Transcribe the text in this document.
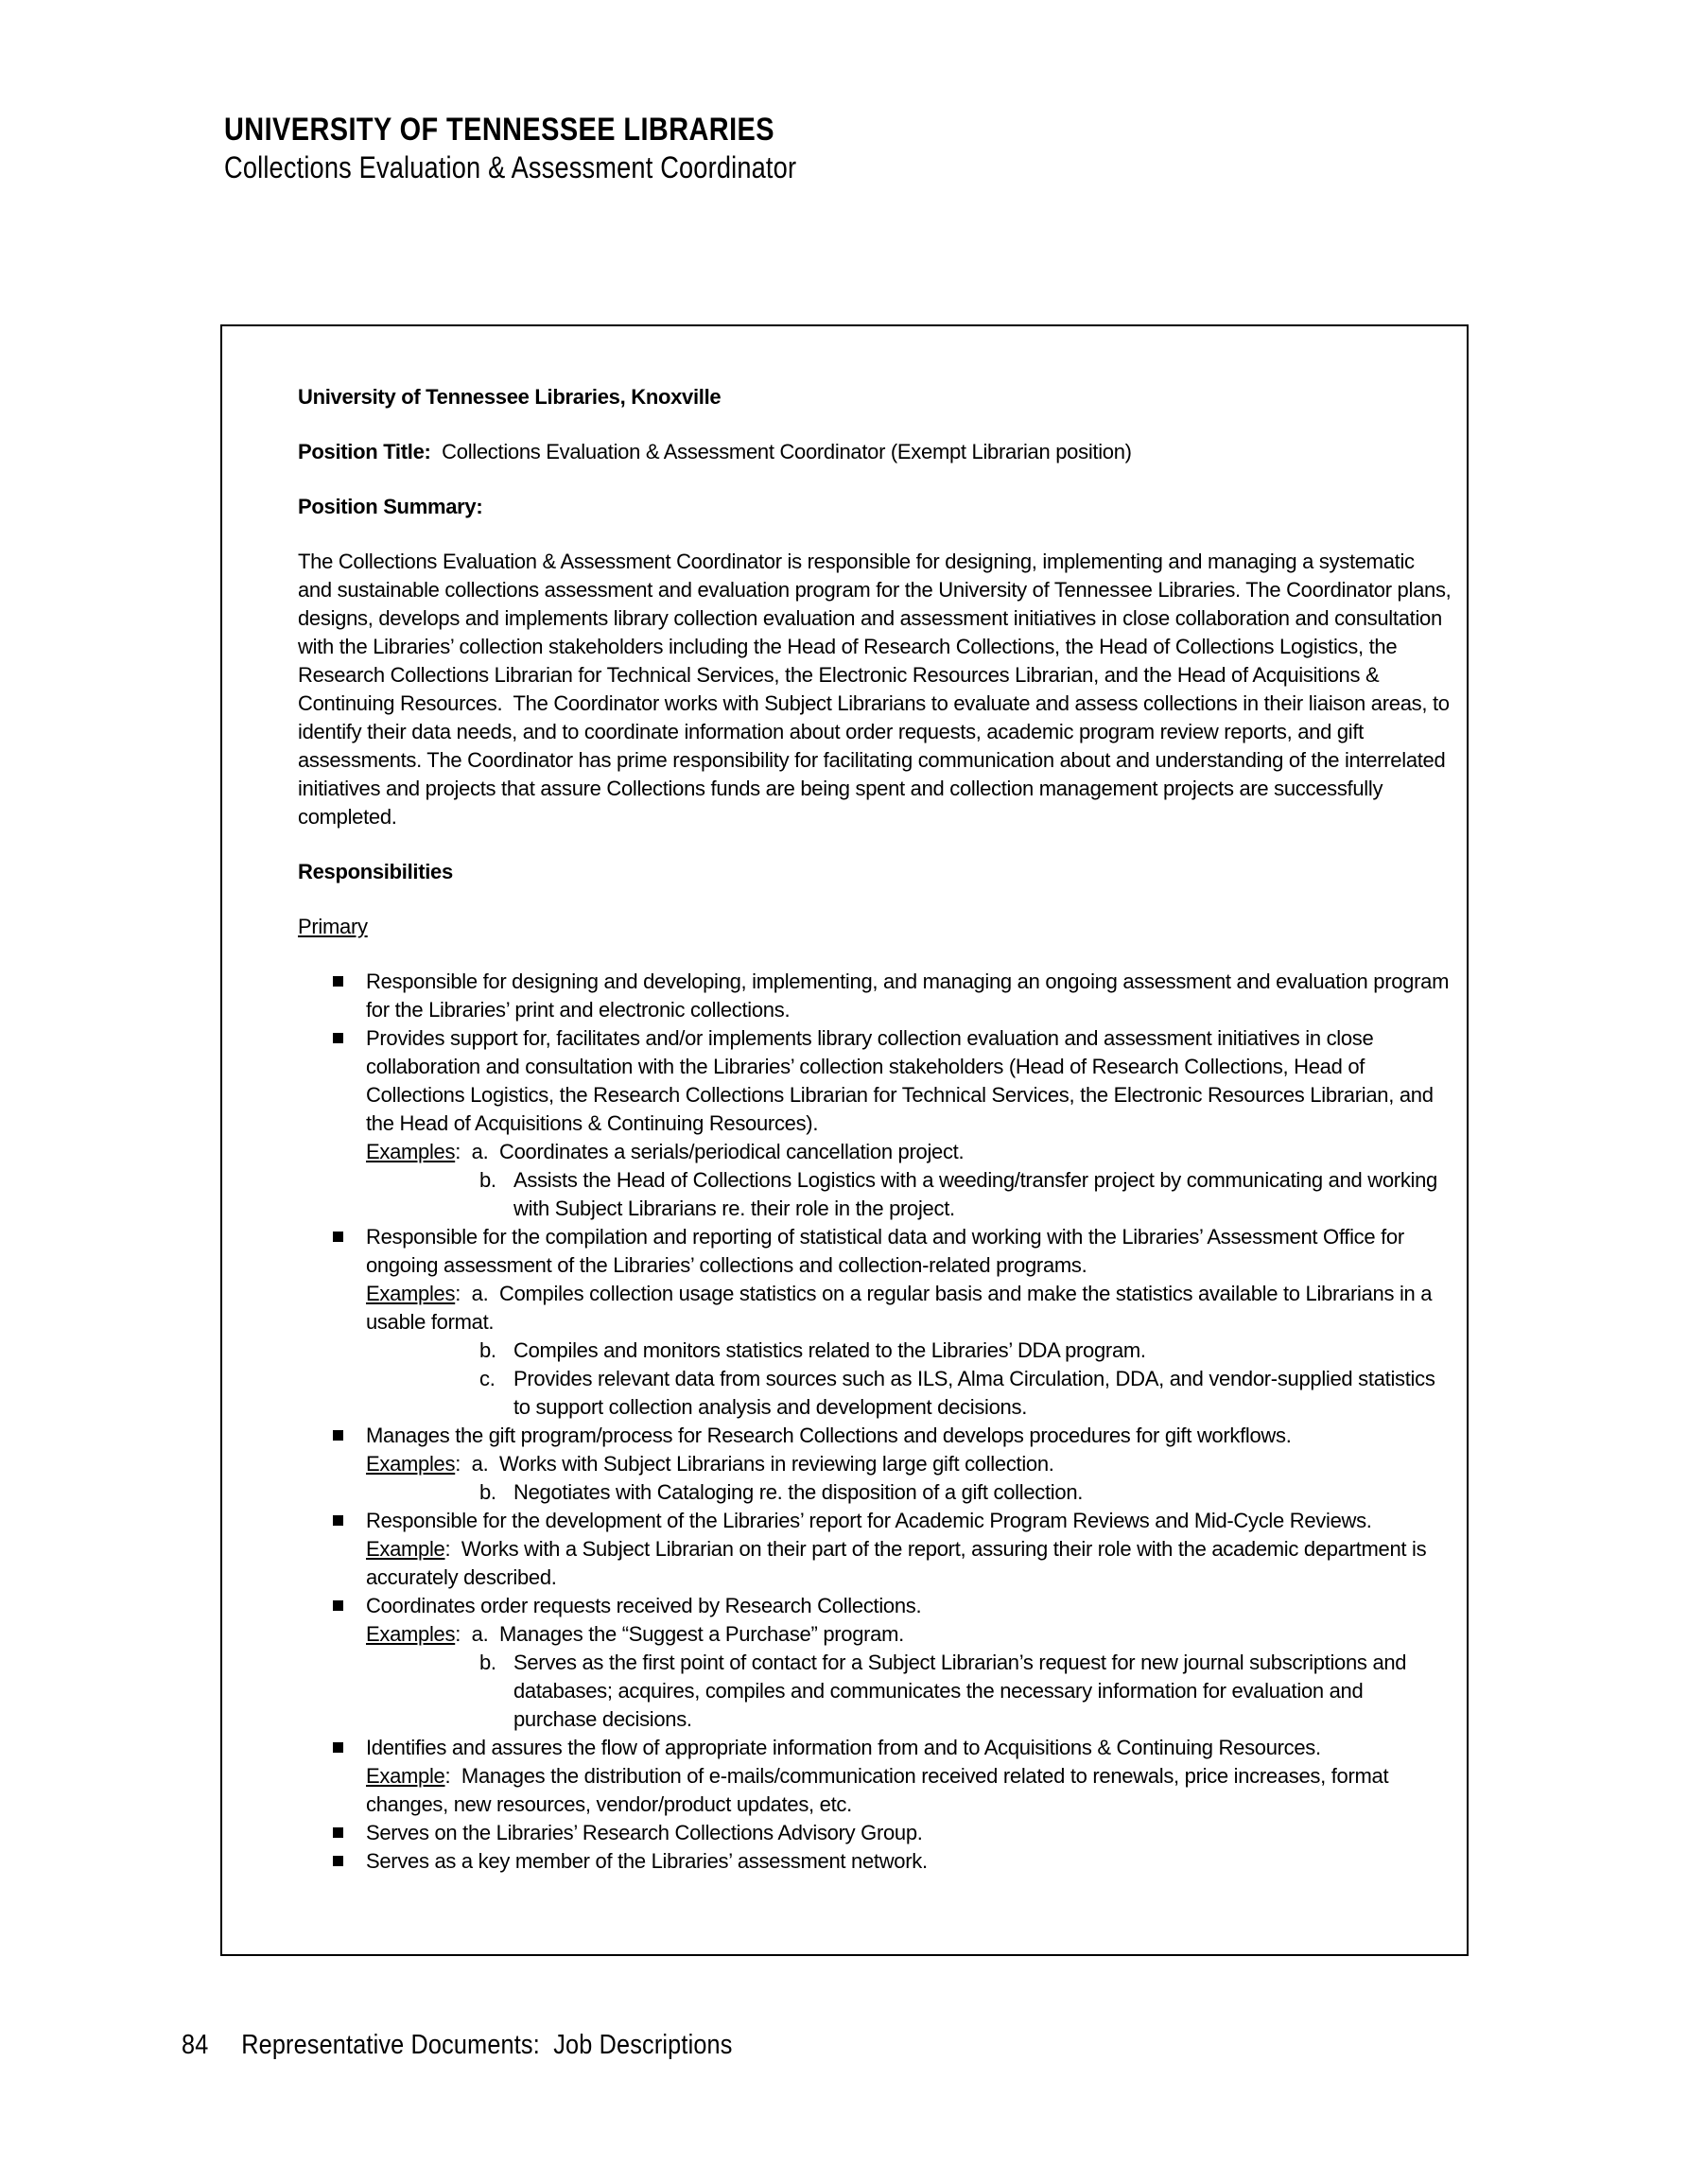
UNIVERSITY OF TENNESSEE LIBRARIES
Collections Evaluation & Assessment Coordinator
University of Tennessee Libraries, Knoxville
Position Title:  Collections Evaluation & Assessment Coordinator (Exempt Librarian position)
Position Summary:
The Collections Evaluation & Assessment Coordinator is responsible for designing, implementing and managing a systematic and sustainable collections assessment and evaluation program for the University of Tennessee Libraries. The Coordinator plans, designs, develops and implements library collection evaluation and assessment initiatives in close collaboration and consultation with the Libraries’ collection stakeholders including the Head of Research Collections, the Head of Collections Logistics, the Research Collections Librarian for Technical Services, the Electronic Resources Librarian, and the Head of Acquisitions & Continuing Resources.  The Coordinator works with Subject Librarians to evaluate and assess collections in their liaison areas, to identify their data needs, and to coordinate information about order requests, academic program review reports, and gift assessments. The Coordinator has prime responsibility for facilitating communication about and understanding of the interrelated initiatives and projects that assure Collections funds are being spent and collection management projects are successfully completed.
Responsibilities
Primary
Responsible for designing and developing, implementing, and managing an ongoing assessment and evaluation program for the Libraries’ print and electronic collections.
Provides support for, facilitates and/or implements library collection evaluation and assessment initiatives in close collaboration and consultation with the Libraries’ collection stakeholders (Head of Research Collections, Head of Collections Logistics, the Research Collections Librarian for Technical Services, the Electronic Resources Librarian, and the Head of Acquisitions & Continuing Resources).
Examples:  a.  Coordinates a serials/periodical cancellation project.
b. Assists the Head of Collections Logistics with a weeding/transfer project by communicating and working with Subject Librarians re. their role in the project.
Responsible for the compilation and reporting of statistical data and working with the Libraries’ Assessment Office for ongoing assessment of the Libraries’ collections and collection-related programs.
Examples:  a.  Compiles collection usage statistics on a regular basis and make the statistics available to Librarians in a usable format.
b. Compiles and monitors statistics related to the Libraries’ DDA program.
c. Provides relevant data from sources such as ILS, Alma Circulation, DDA, and vendor-supplied statistics to support collection analysis and development decisions.
Manages the gift program/process for Research Collections and develops procedures for gift workflows.
Examples:  a.  Works with Subject Librarians in reviewing large gift collection.
b. Negotiates with Cataloging re. the disposition of a gift collection.
Responsible for the development of the Libraries’ report for Academic Program Reviews and Mid-Cycle Reviews.
Example:  Works with a Subject Librarian on their part of the report, assuring their role with the academic department is accurately described.
Coordinates order requests received by Research Collections.
Examples:  a.  Manages the “Suggest a Purchase” program.
b. Serves as the first point of contact for a Subject Librarian’s request for new journal subscriptions and databases; acquires, compiles and communicates the necessary information for evaluation and purchase decisions.
Identifies and assures the flow of appropriate information from and to Acquisitions & Continuing Resources.
Example:  Manages the distribution of e-mails/communication received related to renewals, price increases, format changes, new resources, vendor/product updates, etc.
Serves on the Libraries’ Research Collections Advisory Group.
Serves as a key member of the Libraries’ assessment network.
84 Representative Documents:  Job Descriptions
